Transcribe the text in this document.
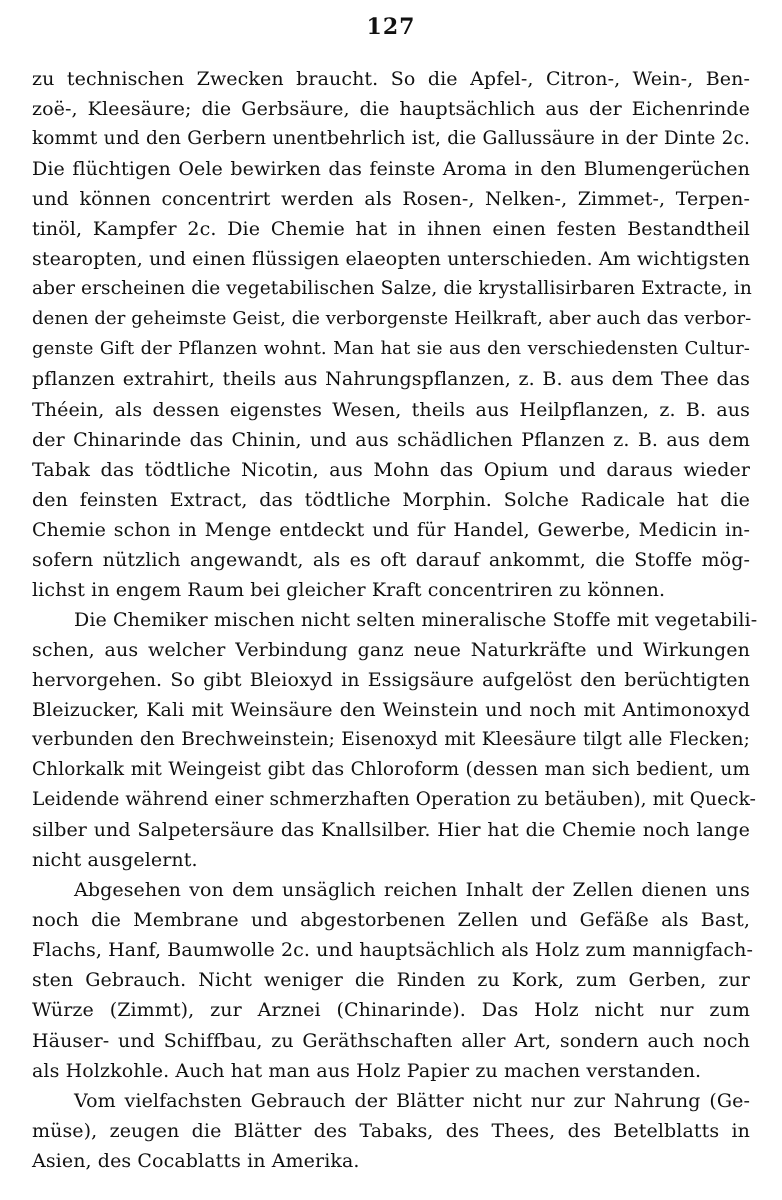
127
zu technischen Zwecken braucht. So die Apfel-, Citron-, Wein-, Ben-
zoë-, Kleesäure; die Gerbsäure, die hauptsächlich aus der Eichenrinde
kommt und den Gerbern unentbehrlich ist, die Gallussäure in der Dinte 2c.
Die flüchtigen Oele bewirken das feinste Aroma in den Blumengerüchen
und können concentrirt werden als Rosen-, Nelken-, Zimmet-, Terpen-
tinöl, Kampfer 2c. Die Chemie hat in ihnen einen festen Bestandtheil
stearopten, und einen flüssigen elaeopten unterschieden. Am wichtigsten
aber erscheinen die vegetabilischen Salze, die krystallisirbaren Extracte, in
denen der geheimste Geist, die verborgenste Heilkraft, aber auch das verbor-
genste Gift der Pflanzen wohnt. Man hat sie aus den verschiedensten Cultur-
pflanzen extrahirt, theils aus Nahrungspflanzen, z. B. aus dem Thee das
Théein, als dessen eigenstes Wesen, theils aus Heilpflanzen, z. B. aus
der Chinarinde das Chinin, und aus schädlichen Pflanzen z. B. aus dem
Tabak das tödtliche Nicotin, aus Mohn das Opium und daraus wieder
den feinsten Extract, das tödtliche Morphin. Solche Radicale hat die
Chemie schon in Menge entdeckt und für Handel, Gewerbe, Medicin in-
sofern nützlich angewandt, als es oft darauf ankommt, die Stoffe mög-
lichst in engem Raum bei gleicher Kraft concentriren zu können.
Die Chemiker mischen nicht selten mineralische Stoffe mit vegetabili-
schen, aus welcher Verbindung ganz neue Naturkräfte und Wirkungen
hervorgehen. So gibt Bleioxyd in Essigsäure aufgelöst den berüchtigten
Bleizucker, Kali mit Weinsäure den Weinstein und noch mit Antimonoxyd
verbunden den Brechweinstein; Eisenoxyd mit Kleesäure tilgt alle Flecken;
Chlorkalk mit Weingeist gibt das Chloroform (dessen man sich bedient, um
Leidende während einer schmerzhaften Operation zu betäuben), mit Queck-
silber und Salpetersäure das Knallsilber. Hier hat die Chemie noch lange
nicht ausgelernt.
Abgesehen von dem unsäglich reichen Inhalt der Zellen dienen uns
noch die Membrane und abgestorbenen Zellen und Gefäße als Bast,
Flachs, Hanf, Baumwolle 2c. und hauptsächlich als Holz zum mannigfach-
sten Gebrauch. Nicht weniger die Rinden zu Kork, zum Gerben, zur
Würze (Zimmt), zur Arznei (Chinarinde). Das Holz nicht nur zum
Häuser- und Schiffbau, zu Geräthschaften aller Art, sondern auch noch
als Holzkohle. Auch hat man aus Holz Papier zu machen verstanden.
Vom vielfachsten Gebrauch der Blätter nicht nur zur Nahrung (Ge-
müse), zeugen die Blätter des Tabaks, des Thees, des Betelblatts in
Asien, des Cocablatts in Amerika.
